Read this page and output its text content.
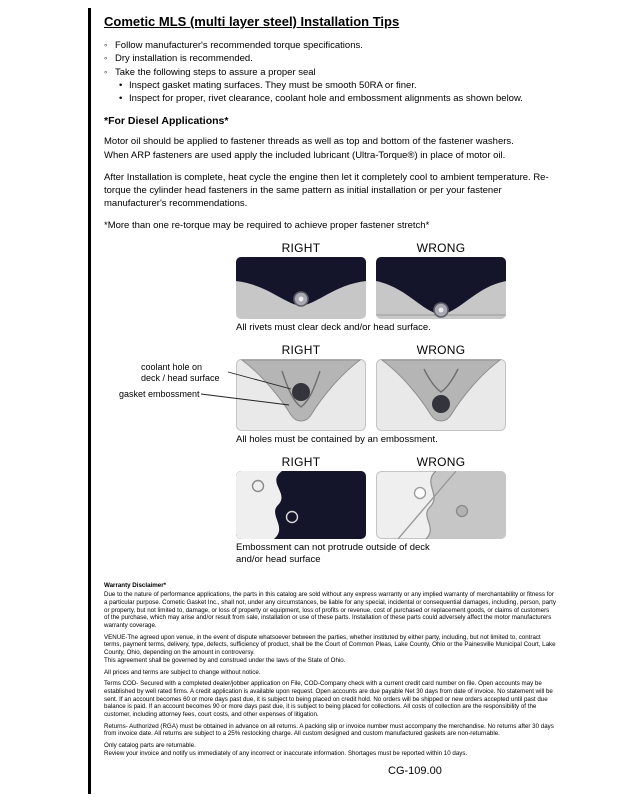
Cometic MLS (multi layer steel) Installation Tips
◦ Follow manufacturer's recommended torque specifications.
◦ Dry installation is recommended.
◦ Take the following steps to assure a proper seal
• Inspect gasket mating surfaces. They must be smooth 50RA or finer.
• Inspect for proper, rivet clearance, coolant hole and embossment alignments as shown below.
*For Diesel Applications*

Motor oil should be applied to fastener threads as well as top and bottom of the fastener washers.
When ARP fasteners are used apply the included lubricant (Ultra-Torque®) in place of motor oil.

After Installation is complete, heat cycle the engine then let it completely cool to ambient temperature. Re-torque the cylinder head fasteners in the same pattern as initial installation or per your fastener manufacturer's recommendations.

*More than one re-torque may be required to achieve proper fastener stretch*

RIGHT	WRONG
All rivets must clear deck and/or head surface.
RIGHT	WRONG
All holes must be contained by an embossment.
coolant hole on
deck / head surface
gasket embossment
RIGHT	WRONG
Embossment can not protrude outside of deck
and/or head surface

Warranty Disclaimer*

Due to the nature of performance applications, the parts in this catalog are sold without any express warranty or any implied warranty of merchantability or fitness for a particular purpose. Cometic Gasket Inc., shall not, under any circumstances, be liable for any special, incidental or consequential damages, including, person, party or property, but not limited to, damage, or loss of property or equipment, loss of profits or revenue, cost of purchased or replacement goods, or claims of customers of the purchase, which may arise and/or result from sale, installation or use of these parts. Installation of these parts could adversely affect the motor manufacturers warranty coverage.

VENUE-The agreed upon venue, in the event of dispute whatsoever between the parties, whether instituted by either party, including, but not limited to, contract terms, payment terms, delivery, type, defects, sufficiency of product, shall be the Court of Common Pleas, Lake County, Ohio or the Painesville Municipal Court, Lake County, Ohio, depending on the amount in controversy.
This agreement shall be governed by and construed under the laws of the State of Ohio.

All prices and terms are subject to change without notice.

Terms COD- Secured with a completed dealer/jobber application on File, COD-Company check with a current credit card number on file. Open accounts may be established by well rated firms. A credit application is available upon request. Open accounts are due payable Net 30 days from date of invoice. No statement will be sent. If an account becomes 60 or more days past due, it is subject to being placed on credit hold. No orders will be shipped or new orders accepted until past due balance is paid. If an account becomes 90 or more days past due, it is subject to being placed for collections. All costs of collection are the responsibility of the customer, including attorney fees, court costs, and other expenses of litigation.

Returns- Authorized (RGA) must be obtained in advance on all returns. A packing slip or invoice number must accompany the merchandise. No returns after 30 days from invoice date. All returns are subject to a 25% restocking charge. All custom designed and custom manufactured gaskets are non-returnable.

Only catalog parts are returnable.
Review your invoice and notify us immediately of any incorrect or inaccurate information. Shortages must be reported within 10 days.

CG-109.00
